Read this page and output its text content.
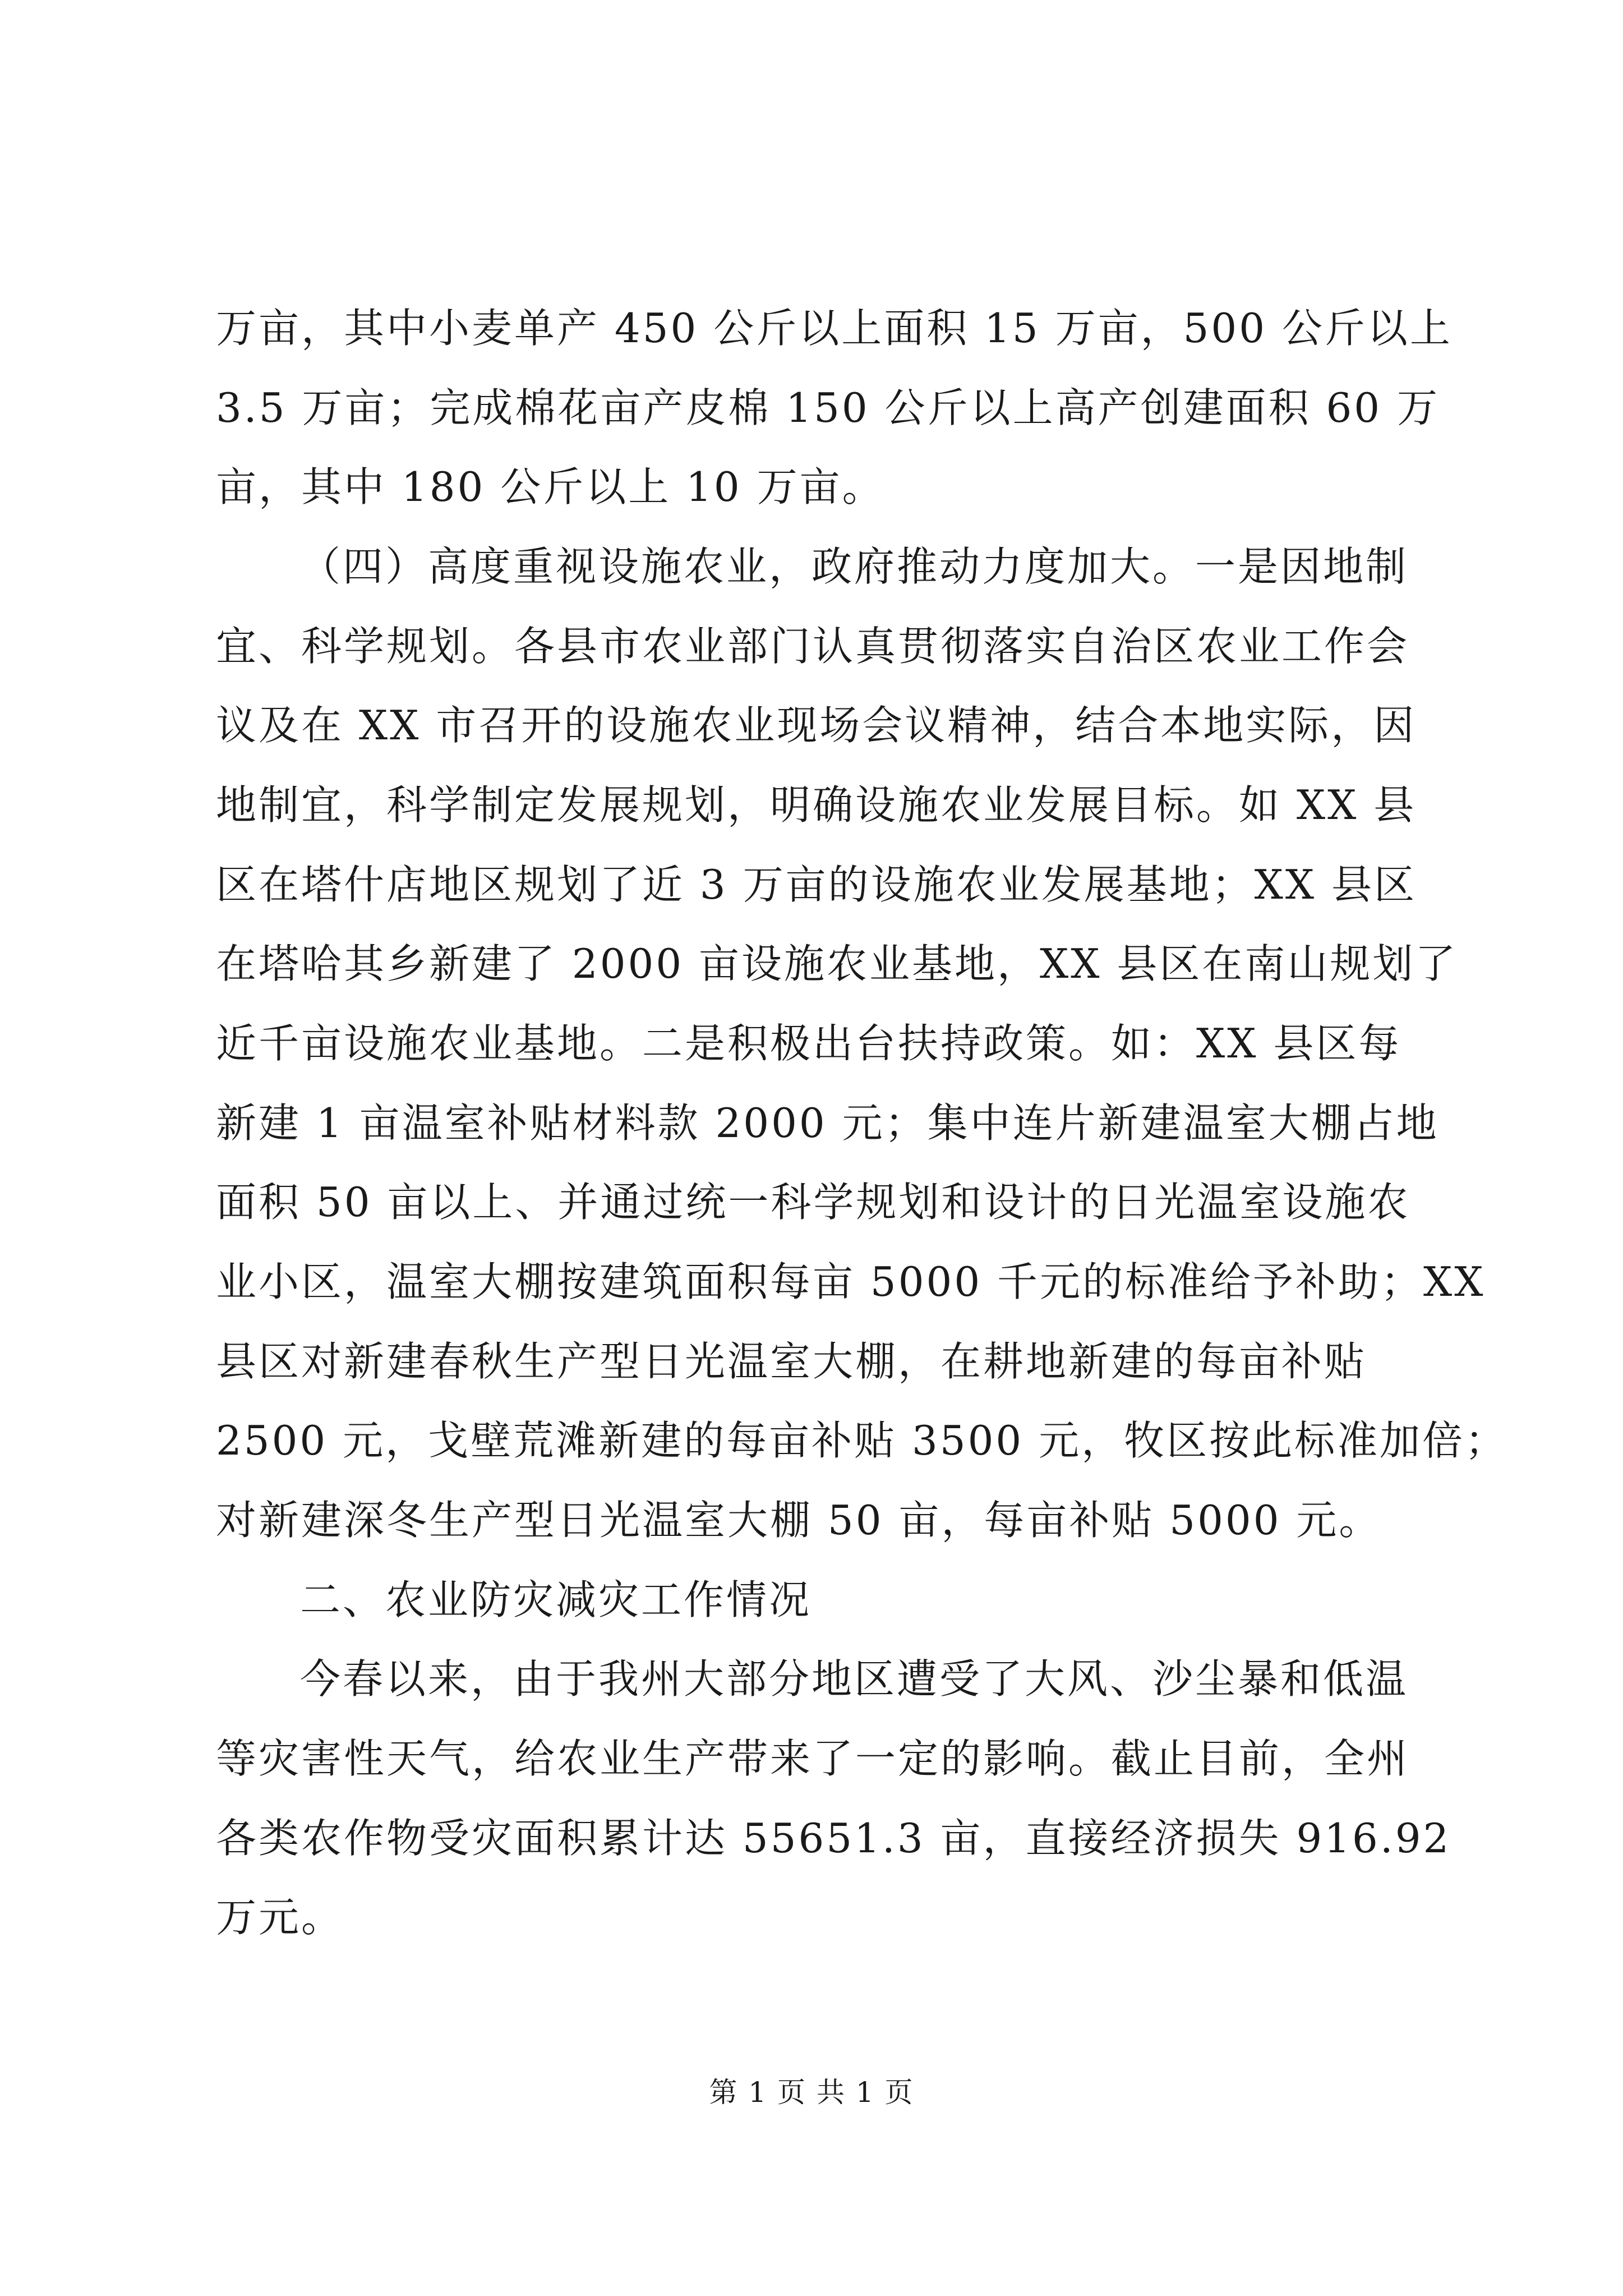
万亩，其中小麦单产 450 公斤以上面积 15 万亩，500 公斤以上
3.5 万亩；完成棉花亩产皮棉 150 公斤以上高产创建面积 60 万
亩，其中 180 公斤以上 10 万亩。
（四）高度重视设施农业，政府推动力度加大。一是因地制
宜、科学规划。各县市农业部门认真贯彻落实自治区农业工作会
议及在 XX 市召开的设施农业现场会议精神，结合本地实际，因
地制宜，科学制定发展规划，明确设施农业发展目标。如 XX 县
区在塔什店地区规划了近 3 万亩的设施农业发展基地；XX 县区
在塔哈其乡新建了 2000 亩设施农业基地，XX 县区在南山规划了
近千亩设施农业基地。二是积极出台扶持政策。如：XX 县区每
新建 1 亩温室补贴材料款 2000 元；集中连片新建温室大棚占地
面积 50 亩以上、并通过统一科学规划和设计的日光温室设施农
业小区，温室大棚按建筑面积每亩 5000 千元的标准给予补助；XX
县区对新建春秋生产型日光温室大棚，在耕地新建的每亩补贴
2500 元，戈壁荒滩新建的每亩补贴 3500 元，牧区按此标准加倍；
对新建深冬生产型日光温室大棚 50 亩，每亩补贴 5000 元。
二、农业防灾减灾工作情况
今春以来，由于我州大部分地区遭受了大风、沙尘暴和低温
等灾害性天气，给农业生产带来了一定的影响。截止目前，全州
各类农作物受灾面积累计达 55651.3 亩，直接经济损失 916.92
万元。
第 1 页 共 1 页
